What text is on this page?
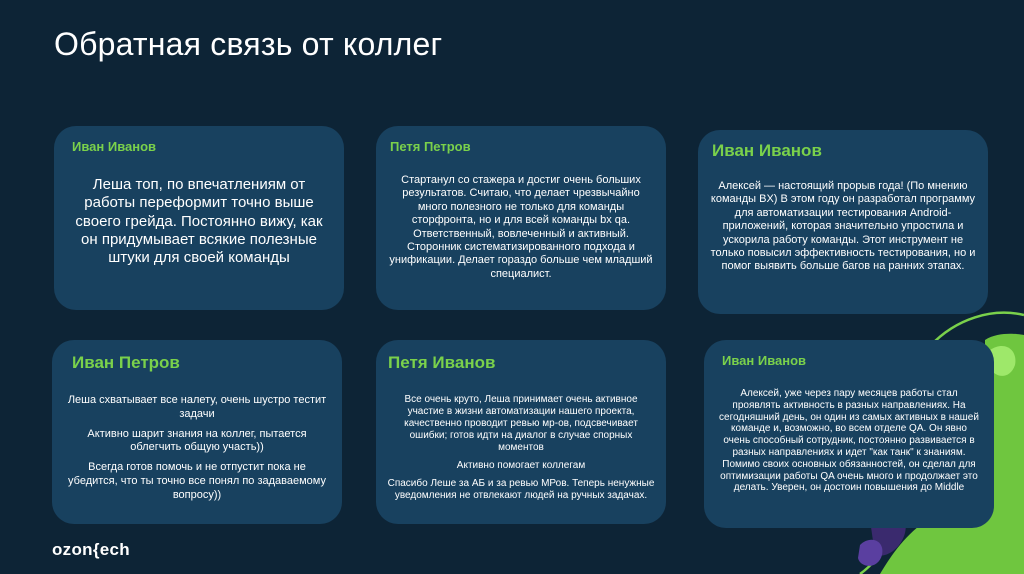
Обратная связь от коллег
Иван Иванов

Леша топ, по впечатлениям от работы переформит точно выше своего грейда. Постоянно вижу, как он придумывает всякие полезные штуки для своей команды

Петя Петров

Стартанул со стажера и достиг очень больших результатов. Считаю, что делает чрезвычайно много полезного не только для команды сторфронта, но и для всей команды bx qa. Ответственный, вовлеченный и активный. Сторонник систематизированного подхода и унификации. Делает гораздо больше чем младший специалист.

Иван Иванов

Алексей — настоящий прорыв года! (По мнению команды BX) В этом году он разработал программу для автоматизации тестирования Android-приложений, которая значительно упростила и ускорила работу команды. Этот инструмент не только повысил эффективность тестирования, но и помог выявить больше багов на ранних этапах.

Иван Петров

Леша схватывает все налету, очень шустро тестит задачи

Активно шарит знания на коллег, пытается облегчить общую участь))

Всегда готов помочь и не отпустит пока не убедится, что ты точно все понял по задаваемому вопросу))

Петя Иванов

Все очень круто, Леша принимает очень активное участие в жизни автоматизации нашего проекта, качественно проводит ревью мр-ов, подсвечивает ошибки; готов идти на диалог в случае спорных моментов

Активно помогает коллегам

Спасибо Леше за АБ и за ревью МРов. Теперь ненужные уведомления не отвлекают людей на ручных задачах.

Иван Иванов

Алексей, уже через пару месяцев работы стал проявлять активность в разных направлениях. На сегодняшний день, он один из самых активных в нашей команде и, возможно, во всем отделе QA. Он явно очень способный сотрудник, постоянно развивается в разных направлениях и идет "как танк" к знаниям. Помимо своих основных обязанностей, он сделал для оптимизации работы QA очень много и продолжает это делать. Уверен, он достоин повышения до Middle

ozon{ech
